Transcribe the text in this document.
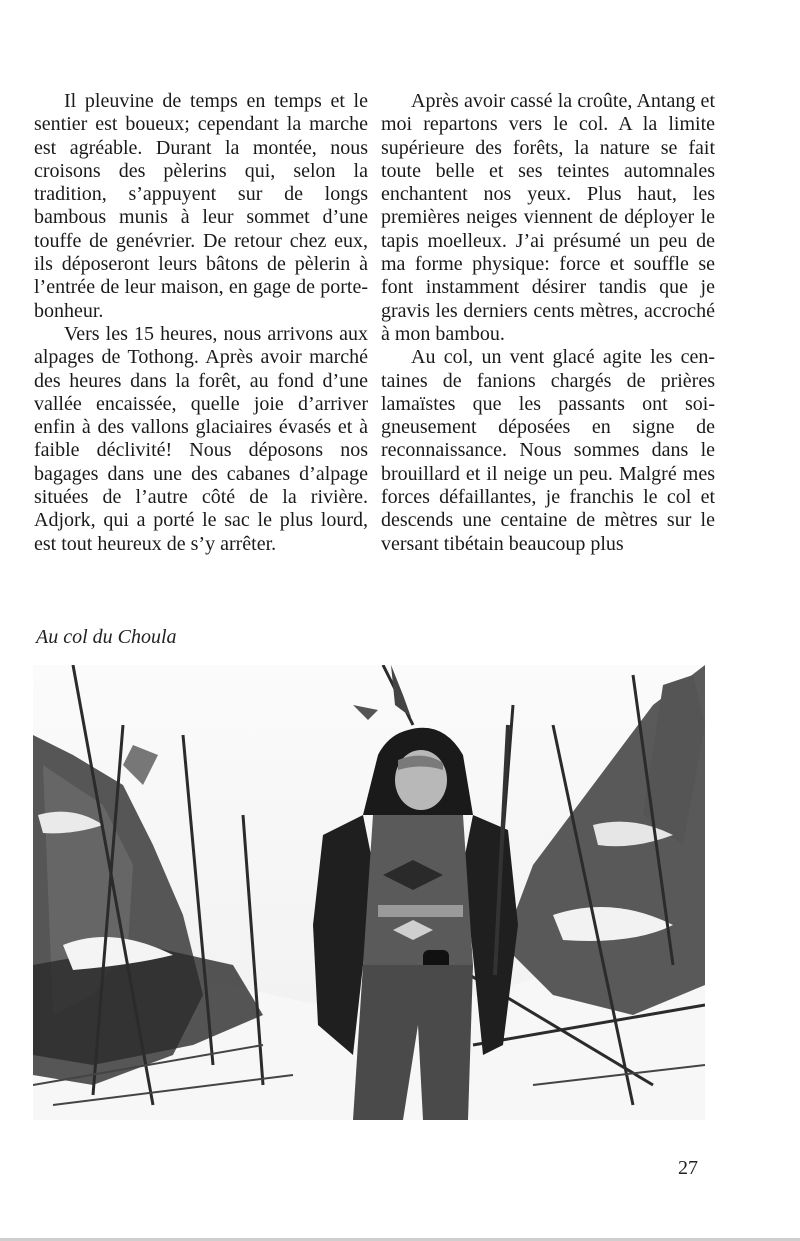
Il pleuvine de temps en temps et le sentier est boueux; cependant la marche est agréable. Durant la montée, nous croisons des pèlerins qui, selon la tradition, s’appuyent sur de longs bambous munis à leur sommet d’une touffe de genévrier. De retour chez eux, ils déposeront leurs bâtons de pèlerin à l’entrée de leur maison, en gage de porte-bonheur.

Vers les 15 heures, nous arrivons aux alpages de Tothong. Après avoir marché des heures dans la forêt, au fond d’une vallée encaissée, quelle joie d’arriver enfin à des vallons glaciaires évasés et à faible déclivité! Nous déposons nos bagages dans une des cabanes d’alpage situées de l’autre côté de la rivière. Adjork, qui a porté le sac le plus lourd, est tout heureux de s’y arrêter.

Après avoir cassé la croûte, Antang et moi repartons vers le col. A la limite supérieure des forêts, la nature se fait toute belle et ses teintes automnales enchantent nos yeux. Plus haut, les premières neiges viennent de déployer le tapis moelleux. J’ai présumé un peu de ma forme physique: force et souffle se font instamment désirer tandis que je gravis les derniers cents mètres, accroché à mon bambou.

Au col, un vent glacé agite les centaines de fanions chargés de prières lamaïstes que les passants ont soigneusement déposées en signe de reconnaissance. Nous sommes dans le brouillard et il neige un peu. Malgré mes forces défaillantes, je franchis le col et descends une centaine de mètres sur le versant tibétain beaucoup plus

Au col du Choula
27
